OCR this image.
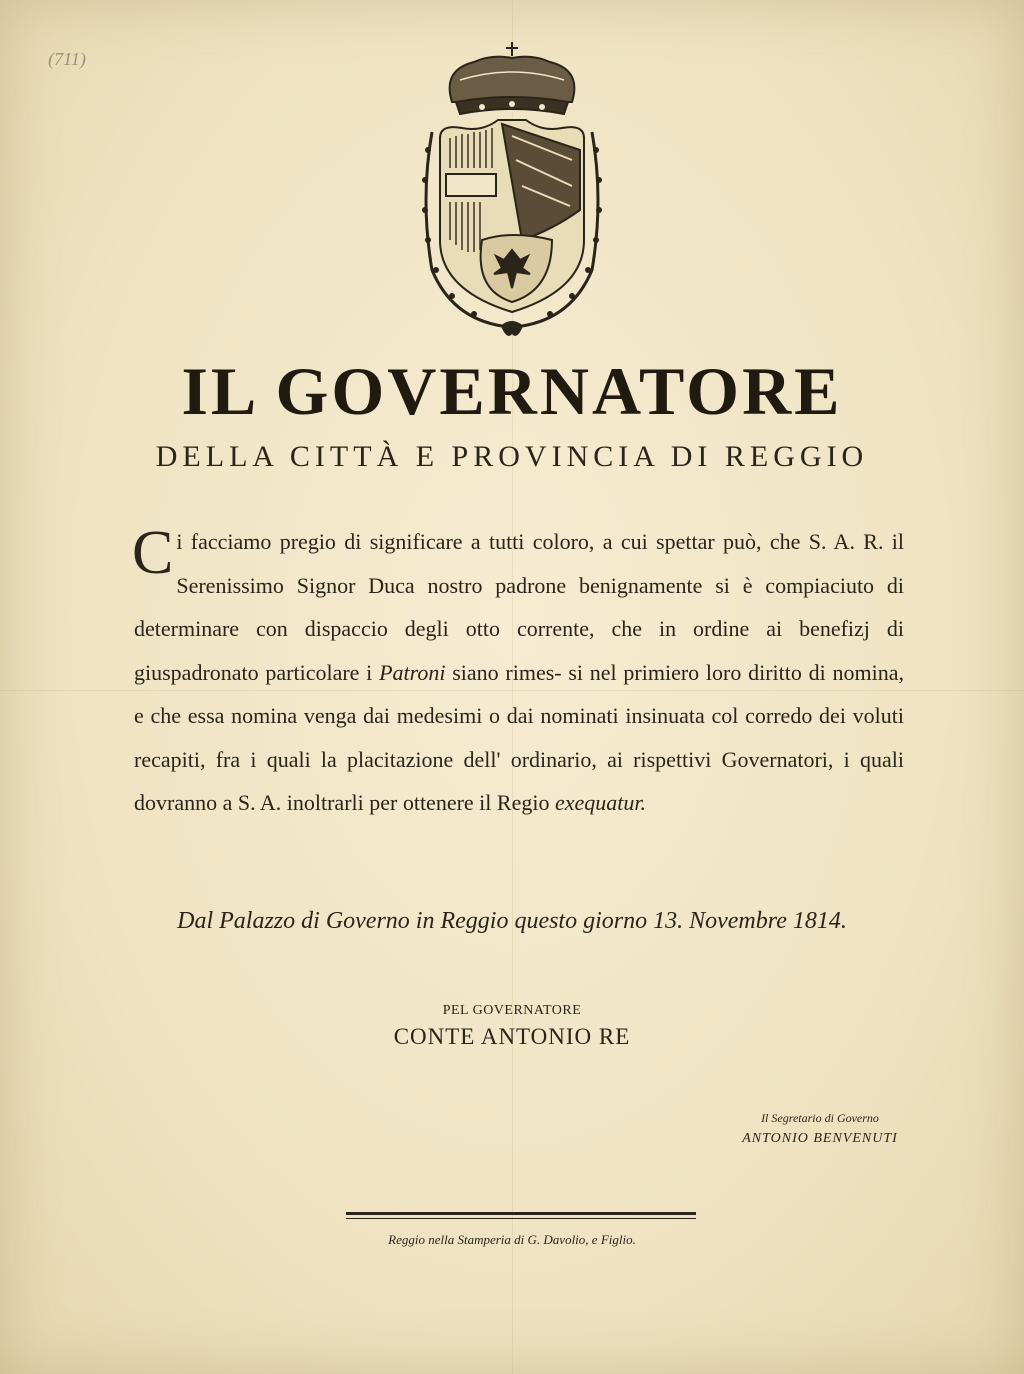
(711)
IL GOVERNATORE
DELLA CITTÀ E PROVINCIA DI REGGIO
Ci facciamo pregio di significare a tutti coloro, a cui spettar può, che S. A. R. il Serenissimo Signor Duca nostro padrone benignamente si è compiaciuto di determinare con dispaccio degli otto corrente, che in ordine ai benefizj di giuspadronato particolare i Patroni siano rimes- si nel primiero loro diritto di nomina, e che essa nomina venga dai medesimi o dai nominati insinuata col corredo dei voluti recapiti, fra i quali la placitazione dell' ordinario, ai rispettivi Governatori, i quali dovranno a S. A. inoltrarli per ottenere il Regio exequatur.
Dal Palazzo di Governo in Reggio questo giorno 13. Novembre 1814.
PEL GOVERNATORE
CONTE ANTONIO RE
Il Segretario di Governo
ANTONIO BENVENUTI
Reggio nella Stamperia di G. Davolio, e Figlio.
